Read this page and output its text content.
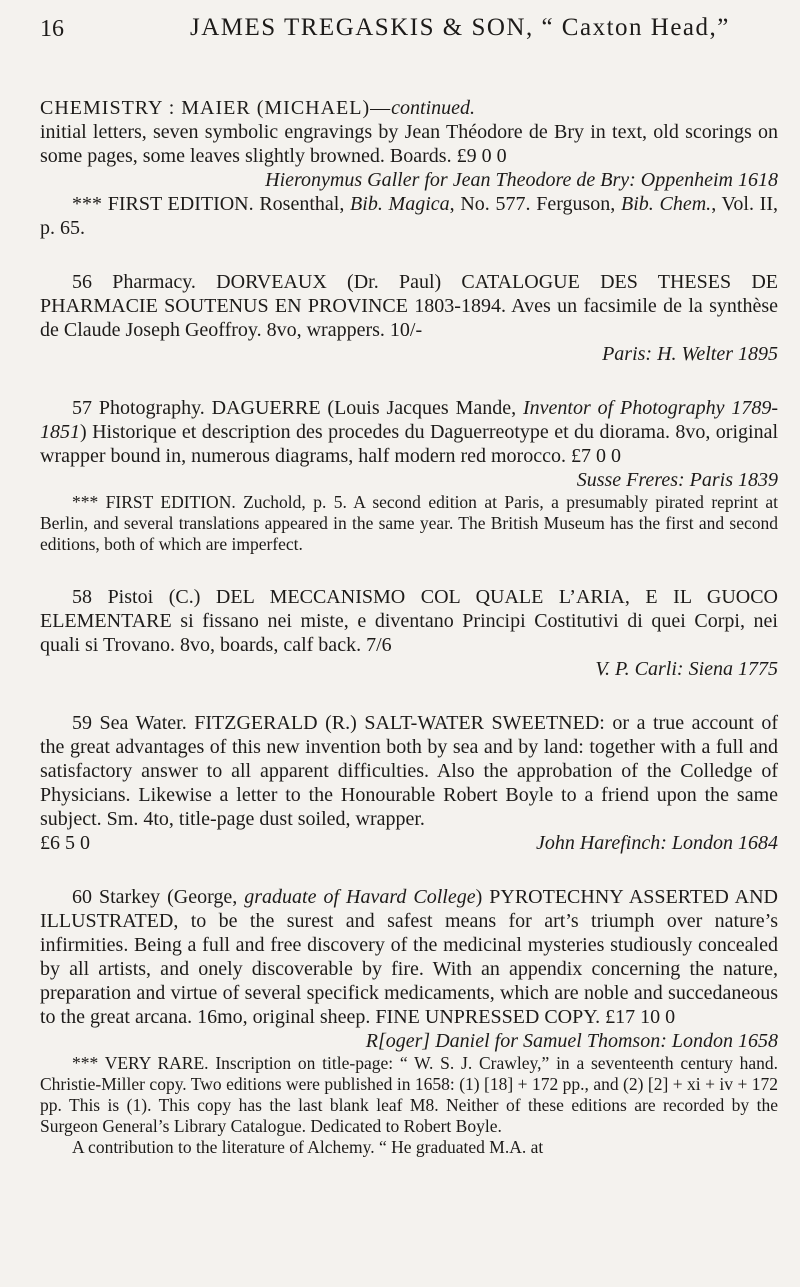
16	JAMES TREGASKIS & SON, “ Caxton Head,”

CHEMISTRY : MAIER (MICHAEL)—continued.

initial letters, seven symbolic engravings by Jean Théodore de Bry in text, old scorings on some pages, some leaves slightly browned. Boards. £9 0 0

Hieronymus Galler for Jean Theodore de Bry: Oppenheim 1618

*** FIRST EDITION. Rosenthal, Bib. Magica, No. 577. Ferguson, Bib. Chem., Vol. II, p. 65.

56 Pharmacy. DORVEAUX (Dr. Paul) CATALOGUE DES THESES DE PHARMACIE SOUTENUS EN PROVINCE 1803-1894. Aves un facsimile de la synthèse de Claude Joseph Geoffroy. 8vo, wrappers. 10/-

Paris: H. Welter 1895

57 Photography. DAGUERRE (Louis Jacques Mande, Inventor of Photography 1789-1851) Historique et description des procedes du Daguerreotype et du diorama. 8vo, original wrapper bound in, numerous diagrams, half modern red morocco. £7 0 0

Susse Freres: Paris 1839

*** FIRST EDITION. Zuchold, p. 5. A second edition at Paris, a presumably pirated reprint at Berlin, and several translations appeared in the same year. The British Museum has the first and second editions, both of which are imperfect.

58 Pistoi (C.) DEL MECCANISMO COL QUALE L’ARIA, E IL GUOCO ELEMENTARE si fissano nei miste, e diventano Principi Costitutivi di quei Corpi, nei quali si Trovano. 8vo, boards, calf back. 7/6

V. P. Carli: Siena 1775

59 Sea Water. FITZGERALD (R.) SALT-WATER SWEETNED: or a true account of the great advantages of this new invention both by sea and by land: together with a full and satisfactory answer to all apparent difficulties. Also the approbation of the Colledge of Physicians. Likewise a letter to the Honourable Robert Boyle to a friend upon the same subject. Sm. 4to, title-page dust soiled, wrapper.

£6 5 0	John Harefinch: London 1684

60 Starkey (George, graduate of Havard College) PYROTECHNY ASSERTED AND ILLUSTRATED, to be the surest and safest means for art’s triumph over nature’s infirmities. Being a full and free discovery of the medicinal mysteries studiously concealed by all artists, and onely discoverable by fire. With an appendix concerning the nature, preparation and virtue of several specifick medicaments, which are noble and succedaneous to the great arcana. 16mo, original sheep. FINE UNPRESSED COPY. £17 10 0

R[oger] Daniel for Samuel Thomson: London 1658

*** VERY RARE. Inscription on title-page: “ W. S. J. Crawley,” in a seventeenth century hand. Christie-Miller copy. Two editions were published in 1658: (1) [18] + 172 pp., and (2) [2] + xi + iv + 172 pp. This is (1). This copy has the last blank leaf M8. Neither of these editions are recorded by the Surgeon General’s Library Catalogue. Dedicated to Robert Boyle.

A contribution to the literature of Alchemy. “ He graduated M.A. at
